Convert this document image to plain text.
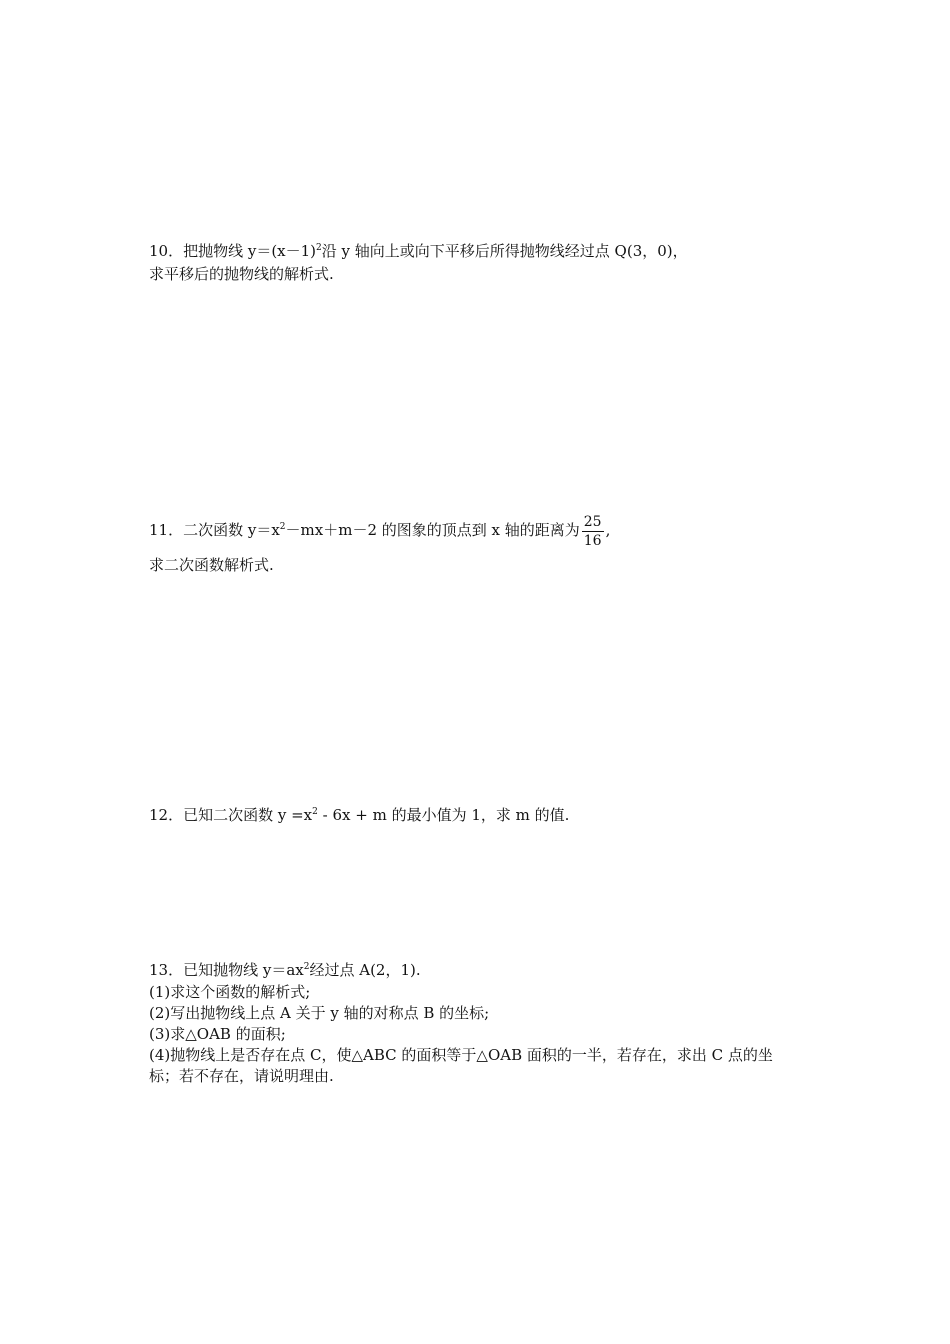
10．把抛物线 $y=(x-1)^2$沿 y 轴向上或向下平移后所得抛物线经过点 Q(3，0)，
求平移后的抛物线的解析式.
11．二次函数 $y=x^2-mx+m-2$ 的图象的顶点到 x 轴的距离为 $\frac{25}{16}$ ,
求二次函数解析式.
12．已知二次函数 $y =x^2 - 6x + m$ 的最小值为 1，求 m 的值.
13．已知抛物线 $y=ax^2$经过点 A(2，1).
(1)求这个函数的解析式;
(2)写出抛物线上点 A 关于 y 轴的对称点 B 的坐标;
(3)求△OAB 的面积;
(4)抛物线上是否存在点 C，使△ABC 的面积等于△OAB 面积的一半，若存在，求出 C 点的坐
标；若不存在，请说明理由.
